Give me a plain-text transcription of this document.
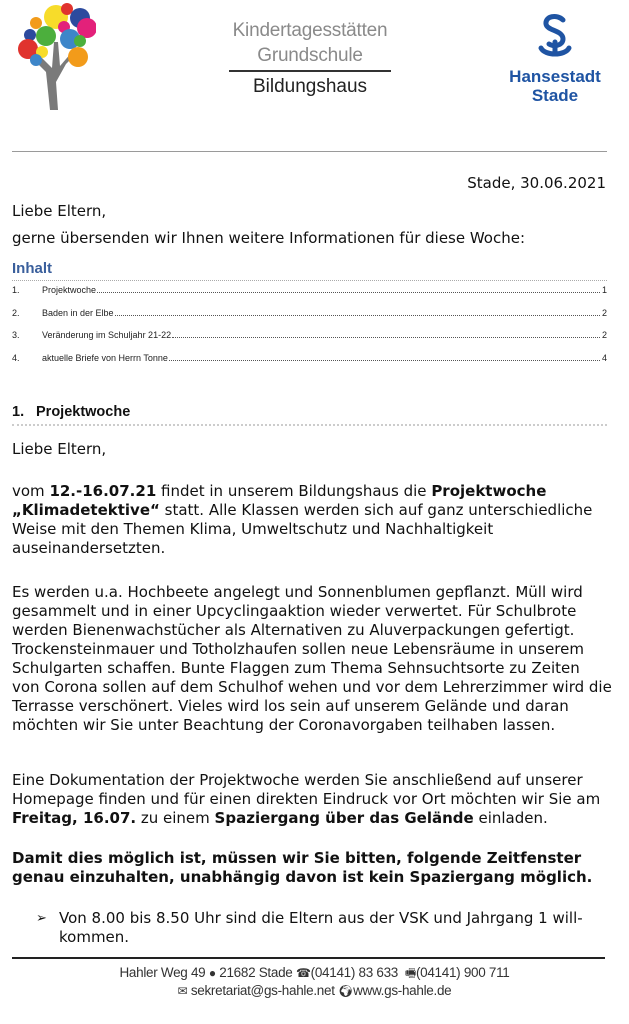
Kindertagesstätten
Grundschule
Bildungshaus	Hansestadt
Stade
Stade, 30.06.2021
Liebe Eltern,
gerne übersenden wir Ihnen weitere Informationen für diese Woche:
Inhalt
1.	Projektwoche	1
2.	Baden in der Elbe	2
3.	Veränderung im Schuljahr 21-22	2
4.	aktuelle Briefe von Herrn Tonne	4
1. Projektwoche
Liebe Eltern,
vom 12.-16.07.21 findet in unserem Bildungshaus die Projektwoche „Klimadetektive“ statt. Alle Klassen werden sich auf ganz unterschiedliche Weise mit den Themen Klima, Umweltschutz und Nachhaltigkeit auseinandersetzten.
Es werden u.a. Hochbeete angelegt und Sonnenblumen gepflanzt. Müll wird gesammelt und in einer Upcyclingaaktion wieder verwertet. Für Schulbrote werden Bienenwachstücher als Alternativen zu Aluverpackungen gefertigt. Trockensteinmauer und Totholzhaufen sollen neue Lebensräume in unserem Schulgarten schaffen. Bunte Flaggen zum Thema Sehnsuchtsorte zu Zeiten von Corona sollen auf dem Schulhof wehen und vor dem Lehrerzimmer wird die Terrasse verschönert. Vieles wird los sein auf unserem Gelände und daran möchten wir Sie unter Beachtung der Coronavorgaben teilhaben lassen.
Eine Dokumentation der Projektwoche werden Sie anschließend auf unserer Homepage finden und für einen direkten Eindruck vor Ort möchten wir Sie am Freitag, 16.07. zu einem Spaziergang über das Gelände einladen.
Damit dies möglich ist, müssen wir Sie bitten, folgende Zeitfenster genau einzuhalten, unabhängig davon ist kein Spaziergang möglich.
➢ Von 8.00 bis 8.50 Uhr sind die Eltern aus der VSK und Jahrgang 1 will-kommen.
Hahler Weg 49 ● 21682 Stade ☎(04141) 83 633 🖷(04141) 900 711
✉ sekretariat@gs-hahle.net 🌍︎www.gs-hahle.de
